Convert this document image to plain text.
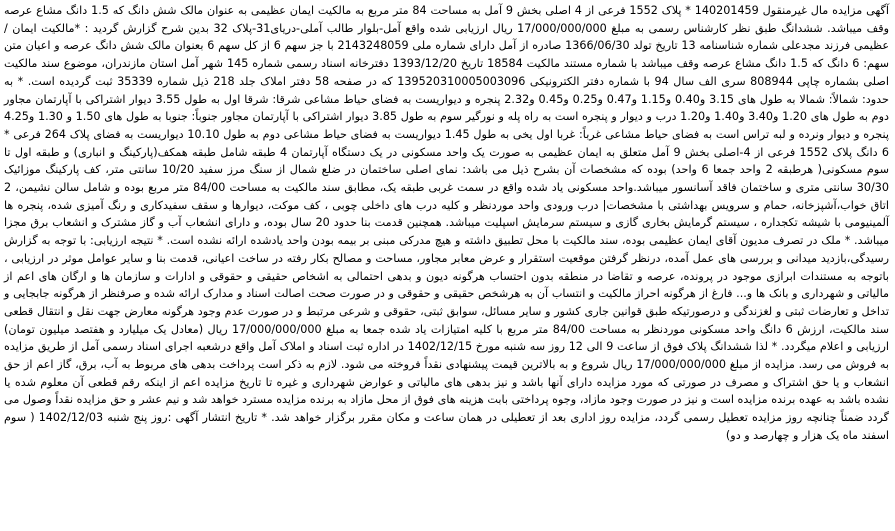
آگهی مزایده مال غیرمنقول 140201459 * پلاک 1552 فرعی از 4 اصلی بخش 9 آمل به مساحت 84 متر مربع به مالکیت ایمان عظیمی به عنوان مالک شش دانگ که 1.5 دانگ مشاع عرصه وقف میباشد. ششدانگ طبق نظر کارشناس رسمی به مبلغ 17/000/000/000 ریال ارزیابی شده واقع آمل-بلوار طالب آملی-دریای31-پلاک 32 بدین شرح گزارش گردید : *مالکیت ایمان / عظیمی فرزند مجدعلی شماره شناسنامه 13 تاریخ تولد 1366/06/30 صادره از آمل دارای شماره ملی 2143248059 با جز سهم 6 از کل سهم 6 بعنوان مالک شش دانگ عرصه و اعیان متن سهم: 6 دانگ که 1.5 دانگ مشاع عرصه وقف میباشد با شماره مستند مالکیت 18584 تاریخ 1393/12/20 دفترخانه اسناد رسمی شماره 145 شهر آمل استان مازندران، موضوع سند مالکیت اصلی بشماره چاپی 808944 سری الف سال 94 با شماره دفتر الکترونیکی 139520310005003096 که در صفحه 58 دفتر املاک جلد 218 ذیل شماره 35339 ثبت گردیده است. * به حدود: شمالاً: شمالا به طول های 3.15 و0.40 و1.15 و0.47 و0.25 و0.45 و2.32 پنجره و دیواریست به فضای حیاط مشاعی شرقا: شرقا اول به طول 3.55 دیوار اشتراکی با آپارتمان مجاور دوم به طول های 1.20 و3.40 و1.40 و1.20 درب و دیوار و پنجره است به راه پله و نورگیر سوم به طول 3.85 دیوار اشتراکی با آپارتمان مجاور جنوباً: جنوبا به طول های 1.50 و 1.30 و4.25 پنجره و دیوار ونرده و لبه تراس است به فضای حیاط مشاعی غرباً: غربا اول یخی به طول 1.45 دیواریست به فضای حیاط مشاعی دوم به طول 10.10 دیواریست به فضای پلاک 264 فرعی * 6 دانگ پلاک 1552 فرعی از 4-اصلی بخش 9 آمل متعلق به ایمان عظیمی به صورت یک واحد مسکونی در یک دستگاه آپارتمان 4 طبقه شامل طبقه همکف(پارکینگ و انباری) و طبقه اول تا سوم مسکونی( هرطبقه 2 واحد جمعا 6 واحد) بوده که مشخصات آن بشرح ذیل می باشد: نمای اصلی ساختمان در ضلع شمال از سنگ مرز سفید 10/20 سانتی متر، کف پارکینگ موزائیک 30/30 سانتی متری و ساختمان فاقد آسانسور میباشد.واحد مسکونی یاد شده واقع در سمت غربی طبقه یک، مطابق سند مالکیت به مساحت 84/00 متر مربع بوده و شامل سالن نشیمن، 2 اتاق خواب،آشپزخانه، حمام و سرویس بهداشتی با مشخصات| درب ورودی واحد موردنظر و کلیه درب های داخلی چوبی ، کف موکت، دیوارها و سقف سفیدکاری و رنگ آمیزی شده، پنجره ها آلمینیومی با شیشه تکجداره ، سیستم گرمایش بخاری گازی و سیستم سرمایش اسپلیت میباشد. همچنین قدمت بنا حدود 20 سال بوده، و دارای انشعاب آب و گاز مشترک و انشعاب برق مجزا میباشد. * ملک در تصرف مدیون آقای ایمان عظیمی بوده، سند مالکیت با محل تطبیق داشته و هیچ مدرکی مبنی بر بیمه بودن واحد یادشده ارائه نشده است. * نتیجه ارزیابی: با توجه به گزارش رسیدگی،بازدید میدانی و بررسی های عمل آمده، درنظر گرفتن موقعیت استقرار و عرض معابر مجاور، مساحت و مصالح بکار رفته در ساخت اعیانی، قدمت بنا و سایر عوامل موثر در ارزیابی ، باتوجه به مستندات ابرازی موجود در پرونده، عرصه و تقاضا در منطقه بدون احتساب هرگونه دیون و بدهی احتمالی به اشخاص حقیقی و حقوقی و ادارات و سازمان ها و ارگان های اعم از مالیاتی و شهرداری و بانک ها و... فارغ از هرگونه احراز مالکیت و انتساب آن به هرشخص حقیقی و حقوقی و در صورت صحت اصالت اسناد و مدارک ارائه شده و صرفنظر از هرگونه جابجایی و تداخل و تعارضات ثبتی و لغزندگی و درصورتیکه طبق قوانین جاری کشور و سایر مسائل، سوابق ثبتی، حقوقی و شرعی مرتبط و در صورت عدم وجود هرگونه معارض جهت نقل و انتقال قطعی سند مالکیت، ارزش 6 دانگ واحد مسکونی موردنظر به مساحت 84/00 متر مربع با کلیه امتیازات یاد شده جمعا به مبلغ 17/000/000/000 ریال (معادل یک میلیارد و هفتصد میلیون تومان) ارزیابی و اعلام میگردد. * لذا ششدانگ پلاک فوق از ساعت 9 الی 12 روز سه شنبه مورخ 1402/12/15 در اداره ثبت اسناد و املاک آمل واقع درشعبه اجرای اسناد رسمی آمل از طریق مزایده به فروش می رسد. مزایده از مبلغ 17/000/000/000 ریال شروع و به بالاترین قیمت پیشنهادی نقداً فروخته می شود. لازم به ذکر است پرداخت بدهی های مربوط به آب، برق، گاز اعم از حق انشعاب و یا حق اشتراک و مصرف در صورتی که مورد مزایده دارای آنها باشد و نیز بدهی های مالیاتی و عوارض شهرداری و غیره تا تاریخ مزایده اعم از اینکه رقم قطعی آن معلوم شده یا نشده باشد به عهده برنده مزایده است و نیز در صورت وجود مازاد، وجوه پرداختی بابت هزینه های فوق از محل مازاد به برنده مزایده مسترد خواهد شد و نیم عشر و حق مزایده نقداً وصول می گردد ضمناً چنانچه روز مزایده تعطیل رسمی گردد، مزایده روز اداری بعد از تعطیلی در همان ساعت و مکان مقرر برگزار خواهد شد. * تاریخ انتشار آگهی :روز پنج شنبه 1402/12/03 ( سوم اسفند ماه یک هزار و چهارصد و دو)
